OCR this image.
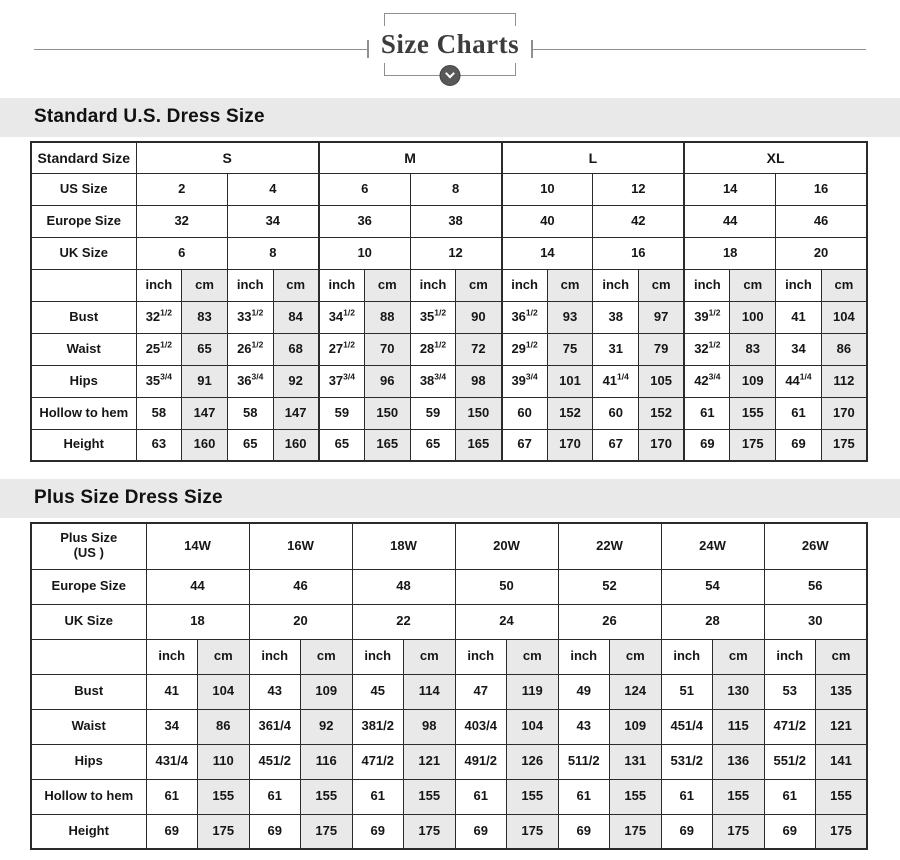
Size Charts
Standard U.S. Dress Size
Standard Size	S				M				L				XL			
US Size	2		4		6		8		10		12		14		16	
Europe Size	32		34		36		38		40		42		44		46	
UK Size	6		8		10		12		14		16		18		20	
	inch	cm	inch	cm	inch	cm	inch	cm	inch	cm	inch	cm	inch	cm	inch	cm
Bust	$32^{1/2}$	83	$33^{1/2}$	84	$34^{1/2}$	88	$35^{1/2}$	90	$36^{1/2}$	93	38	97	$39^{1/2}$	100	41	104
Waist	$25^{1/2}$	65	$26^{1/2}$	68	$27^{1/2}$	70	$28^{1/2}$	72	$29^{1/2}$	75	31	79	$32^{1/2}$	83	34	86
Hips	$35^{3/4}$	91	$36^{3/4}$	92	$37^{3/4}$	96	$38^{3/4}$	98	$39^{3/4}$	101	$41^{1/4}$	105	$42^{3/4}$	109	$44^{1/4}$	112
Hollow to hem	58	147	58	147	59	150	59	150	60	152	60	152	61	155	61	170
Height	63	160	65	160	65	165	65	165	67	170	67	170	69	175	69	175
Plus Size Dress Size
Plus Size
(US )	14W		16W		18W		20W		22W		24W		26W	
Europe Size	44		46		48		50		52		54		56	
UK Size	18		20		22		24		26		28		30	
	inch	cm	inch	cm	inch	cm	inch	cm	inch	cm	inch	cm	inch	cm
Bust	41	104	43	109	45	114	47	119	49	124	51	130	53	135
Waist	34	86	361/4	92	381/2	98	403/4	104	43	109	451/4	115	471/2	121
Hips	431/4	110	451/2	116	471/2	121	491/2	126	511/2	131	531/2	136	551/2	141
Hollow to hem	61	155	61	155	61	155	61	155	61	155	61	155	61	155
Height	69	175	69	175	69	175	69	175	69	175	69	175	69	175
